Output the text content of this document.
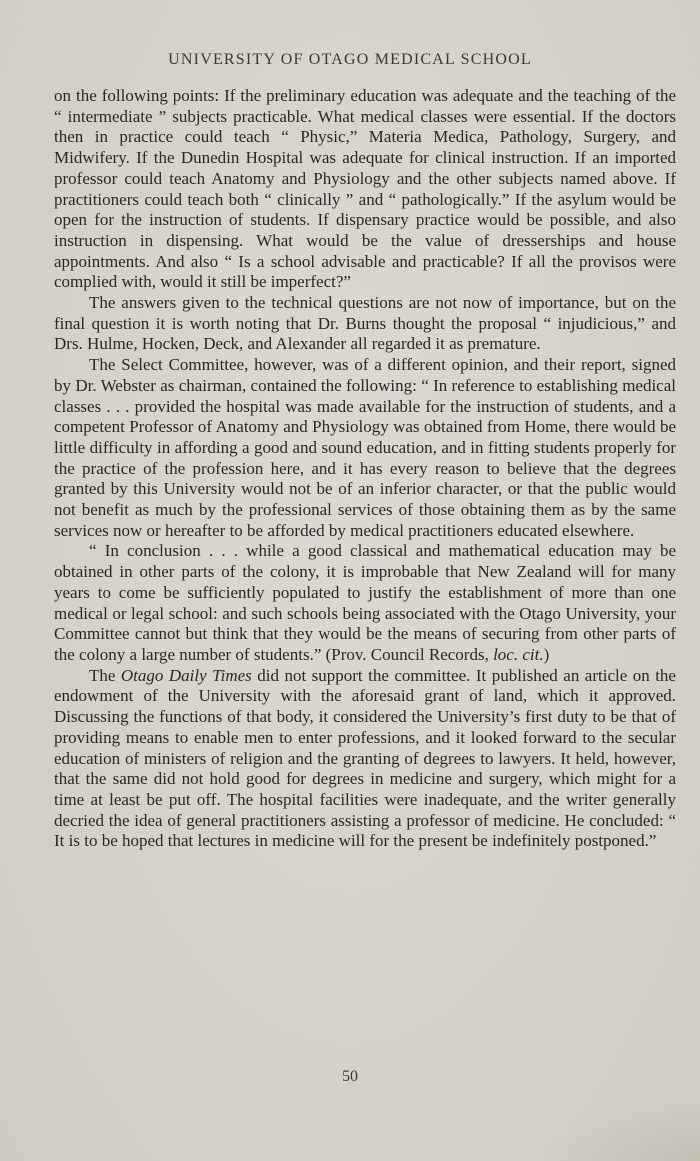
UNIVERSITY OF OTAGO MEDICAL SCHOOL

on the following points: If the preliminary education was adequate and the teaching of the “ intermediate ” subjects practicable. What medical classes were essential. If the doctors then in practice could teach “ Physic,” Materia Medica, Pathology, Surgery, and Midwifery. If the Dunedin Hospital was adequate for clinical instruction. If an imported professor could teach Anatomy and Physiology and the other subjects named above. If practitioners could teach both “ clinically ” and “ pathologically.” If the asylum would be open for the instruction of students. If dispensary practice would be possible, and also instruction in dispensing. What would be the value of dresserships and house appointments. And also “ Is a school advisable and practicable? If all the provisos were complied with, would it still be imperfect?”

The answers given to the technical questions are not now of importance, but on the final question it is worth noting that Dr. Burns thought the proposal “ injudicious,” and Drs. Hulme, Hocken, Deck, and Alexander all regarded it as premature.

The Select Committee, however, was of a different opinion, and their report, signed by Dr. Webster as chairman, contained the following: “ In reference to establishing medical classes . . . provided the hospital was made available for the instruction of students, and a competent Professor of Anatomy and Physiology was obtained from Home, there would be little difficulty in affording a good and sound education, and in fitting students properly for the practice of the profession here, and it has every reason to believe that the degrees granted by this University would not be of an inferior character, or that the public would not benefit as much by the professional services of those obtaining them as by the same services now or hereafter to be afforded by medical practitioners educated elsewhere.

“ In conclusion . . . while a good classical and mathematical education may be obtained in other parts of the colony, it is improbable that New Zealand will for many years to come be sufficiently populated to justify the establishment of more than one medical or legal school: and such schools being associated with the Otago University, your Committee cannot but think that they would be the means of securing from other parts of the colony a large number of students.” (Prov. Council Records, loc. cit.)

The Otago Daily Times did not support the committee. It published an article on the endowment of the University with the aforesaid grant of land, which it approved. Discussing the functions of that body, it considered the University’s first duty to be that of providing means to enable men to enter professions, and it looked forward to the secular education of ministers of religion and the granting of degrees to lawyers. It held, however, that the same did not hold good for degrees in medicine and surgery, which might for a time at least be put off. The hospital facilities were inadequate, and the writer generally decried the idea of general practitioners assisting a professor of medicine. He concluded: “ It is to be hoped that lectures in medicine will for the present be indefinitely postponed.”

50
